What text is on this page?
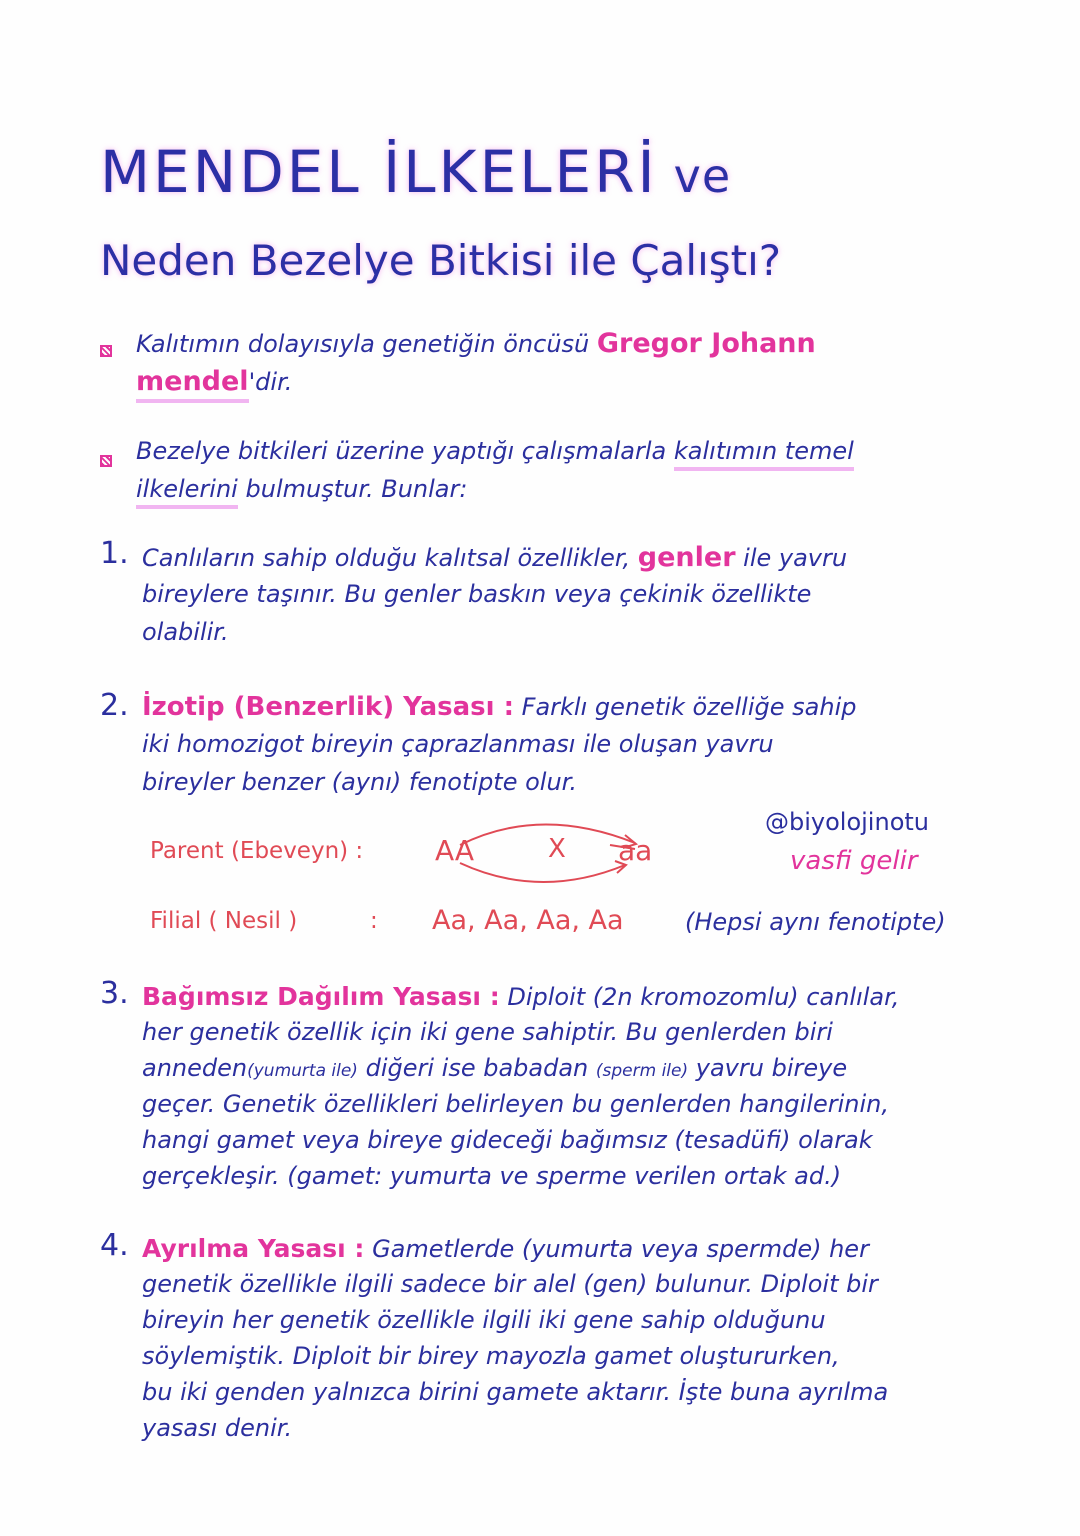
MENDEL İLKELERİ ve
Neden Bezelye Bitkisi ile Çalıştı?
Kalıtımın dolayısıyla genetiğin öncüsü Gregor Johann
mendel'dir.
Bezelye bitkileri üzerine yaptığı çalışmalarla kalıtımın temel
ilkelerini bulmuştur. Bunlar:
1. Canlıların sahip olduğu kalıtsal özellikler, genler ile yavru
bireylere taşınır. Bu genler baskın veya çekinik özellikte
olabilir.
2. İzotip (Benzerlik) Yasası : Farklı genetik özelliğe sahip
iki homozigot bireyin çaprazlanması ile oluşan yavru
bireyler benzer (aynı) fenotipte olur.
@biyolojinotu
vasfi gelir
Parent (Ebeveyn) :	AA	X aa
Filial ( Nesil )	: Aa, Aa, Aa, Aa	(Hepsi aynı fenotipte)
3. Bağımsız Dağılım Yasası : Diploit (2n kromozomlu) canlılar,
her genetik özellik için iki gene sahiptir. Bu genlerden biri
anneden(yumurta ile) diğeri ise babadan (sperm ile) yavru bireye
geçer. Genetik özellikleri belirleyen bu genlerden hangilerinin,
hangi gamet veya bireye gideceği bağımsız (tesadüfi) olarak
gerçekleşir. (gamet: yumurta ve sperme verilen ortak ad.)
4. Ayrılma Yasası : Gametlerde (yumurta veya spermde) her
genetik özellikle ilgili sadece bir alel (gen) bulunur. Diploit bir
bireyin her genetik özellikle ilgili iki gene sahip olduğunu
söylemiştik. Diploit bir birey mayozla gamet oluştururken,
bu iki genden yalnızca birini gamete aktarır. İşte buna ayrılma
yasası denir.
